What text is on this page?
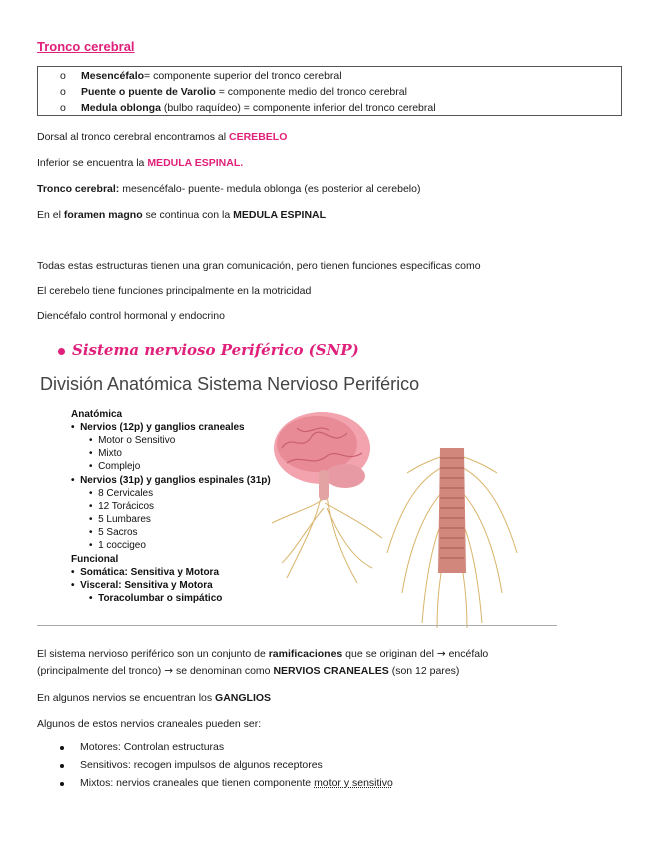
Tronco cerebral
o Mesencéfalo= componente superior del tronco cerebral
o Puente o puente de Varolio = componente medio del tronco cerebral
o Medula oblonga (bulbo raquídeo) = componente inferior del tronco cerebral
Dorsal al tronco cerebral encontramos al CEREBELO
Inferior se encuentra la MEDULA ESPINAL.
Tronco cerebral: mesencéfalo- puente- medula oblonga (es posterior al cerebelo)
En el foramen magno se continua con la MEDULA ESPINAL
Todas estas estructuras tienen una gran comunicación, pero tienen funciones especificas como
El cerebelo tiene funciones principalmente en la motricidad
Diencéfalo control hormonal y endocrino
Sistema nervioso Periférico (SNP)
División Anatómica Sistema Nervioso Periférico
Anatómica
• Nervios (12p) y ganglios craneales
• Motor o Sensitivo
• Mixto
• Complejo
• Nervios (31p) y ganglios espinales (31p)
• 8 Cervicales
• 12 Torácicos
• 5 Lumbares
• 5 Sacros
• 1 coccigeo
Funcional
• Somática: Sensitiva y Motora
• Visceral: Sensitiva y Motora
• Toracolumbar o simpático
El sistema nervioso periférico son un conjunto de ramificaciones que se originan del → encéfalo
(principalmente del tronco) → se denominan como NERVIOS CRANEALES (son 12 pares)
En algunos nervios se encuentran los GANGLIOS
Algunos de estos nervios craneales pueden ser:
Motores: Controlan estructuras
Sensitivos: recogen impulsos de algunos receptores
Mixtos: nervios craneales que tienen componente motor y sensitivo
